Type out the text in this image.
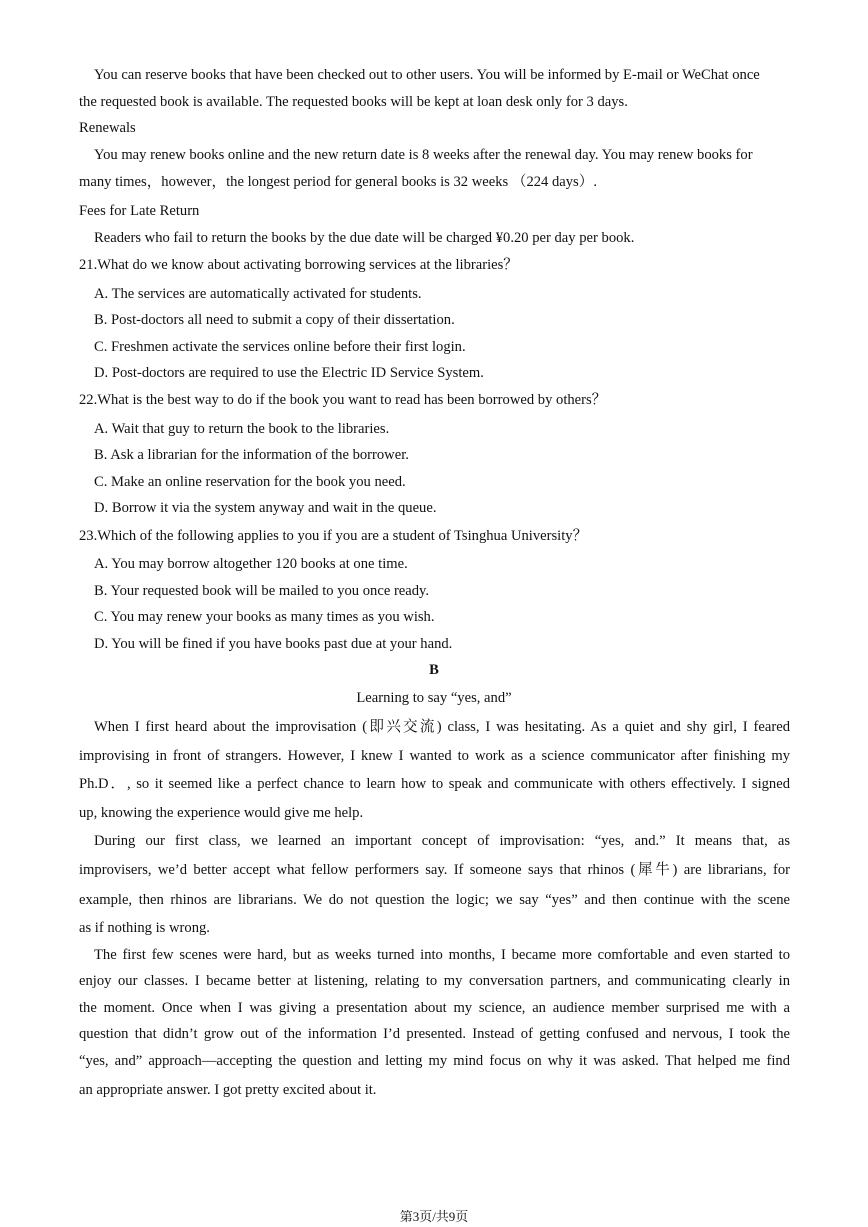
You can reserve books that have been checked out to other users. You will be informed by E-mail or WeChat once
the requested book is available. The requested books will be kept at loan desk only for 3 days.
Renewals
You may renew books online and the new return date is 8 weeks after the renewal day. You may renew books for
many times，however，the longest period for general books is 32 weeks （224 days）.
Fees for Late Return
Readers who fail to return the books by the due date will be charged ¥0.20 per day per book.
21.What do we know about activating borrowing services at the libraries？
A. The services are automatically activated for students.
B. Post-doctors all need to submit a copy of their dissertation.
C. Freshmen activate the services online before their first login.
D. Post-doctors are required to use the Electric ID Service System.
22.What is the best way to do if the book you want to read has been borrowed by others？
A. Wait that guy to return the book to the libraries.
B. Ask a librarian for the information of the borrower.
C. Make an online reservation for the book you need.
D. Borrow it via the system anyway and wait in the queue.
23.Which of the following applies to you if you are a student of Tsinghua University？
A. You may borrow altogether 120 books at one time.
B. Your requested book will be mailed to you once ready.
C. You may renew your books as many times as you wish.
D. You will be fined if you have books past due at your hand.
B
Learning to say “yes, and”
When I first heard about the improvisation (即兴交流) class, I was hesitating. As a quiet and shy girl, I feared
improvising in front of strangers. However, I knew I wanted to work as a science communicator after finishing my
Ph.D．, so it seemed like a perfect chance to learn how to speak and communicate with others effectively. I signed
up, knowing the experience would give me help.
During our first class, we learned an important concept of improvisation: “yes, and.” It means that, as
improvisers, we’d better accept what fellow performers say. If someone says that rhinos (犀牛) are librarians, for
example, then rhinos are librarians. We do not question the logic; we say “yes” and then continue with the scene
as if nothing is wrong.
The first few scenes were hard, but as weeks turned into months, I became more comfortable and even started to
enjoy our classes. I became better at listening, relating to my conversation partners, and communicating clearly in
the moment. Once when I was giving a presentation about my science, an audience member surprised me with a
question that didn’t grow out of the information I’d presented. Instead of getting confused and nervous, I took the
“yes, and” approach—accepting the question and letting my mind focus on why it was asked. That helped me find
an appropriate answer. I got pretty excited about it.
第3页/共9页
